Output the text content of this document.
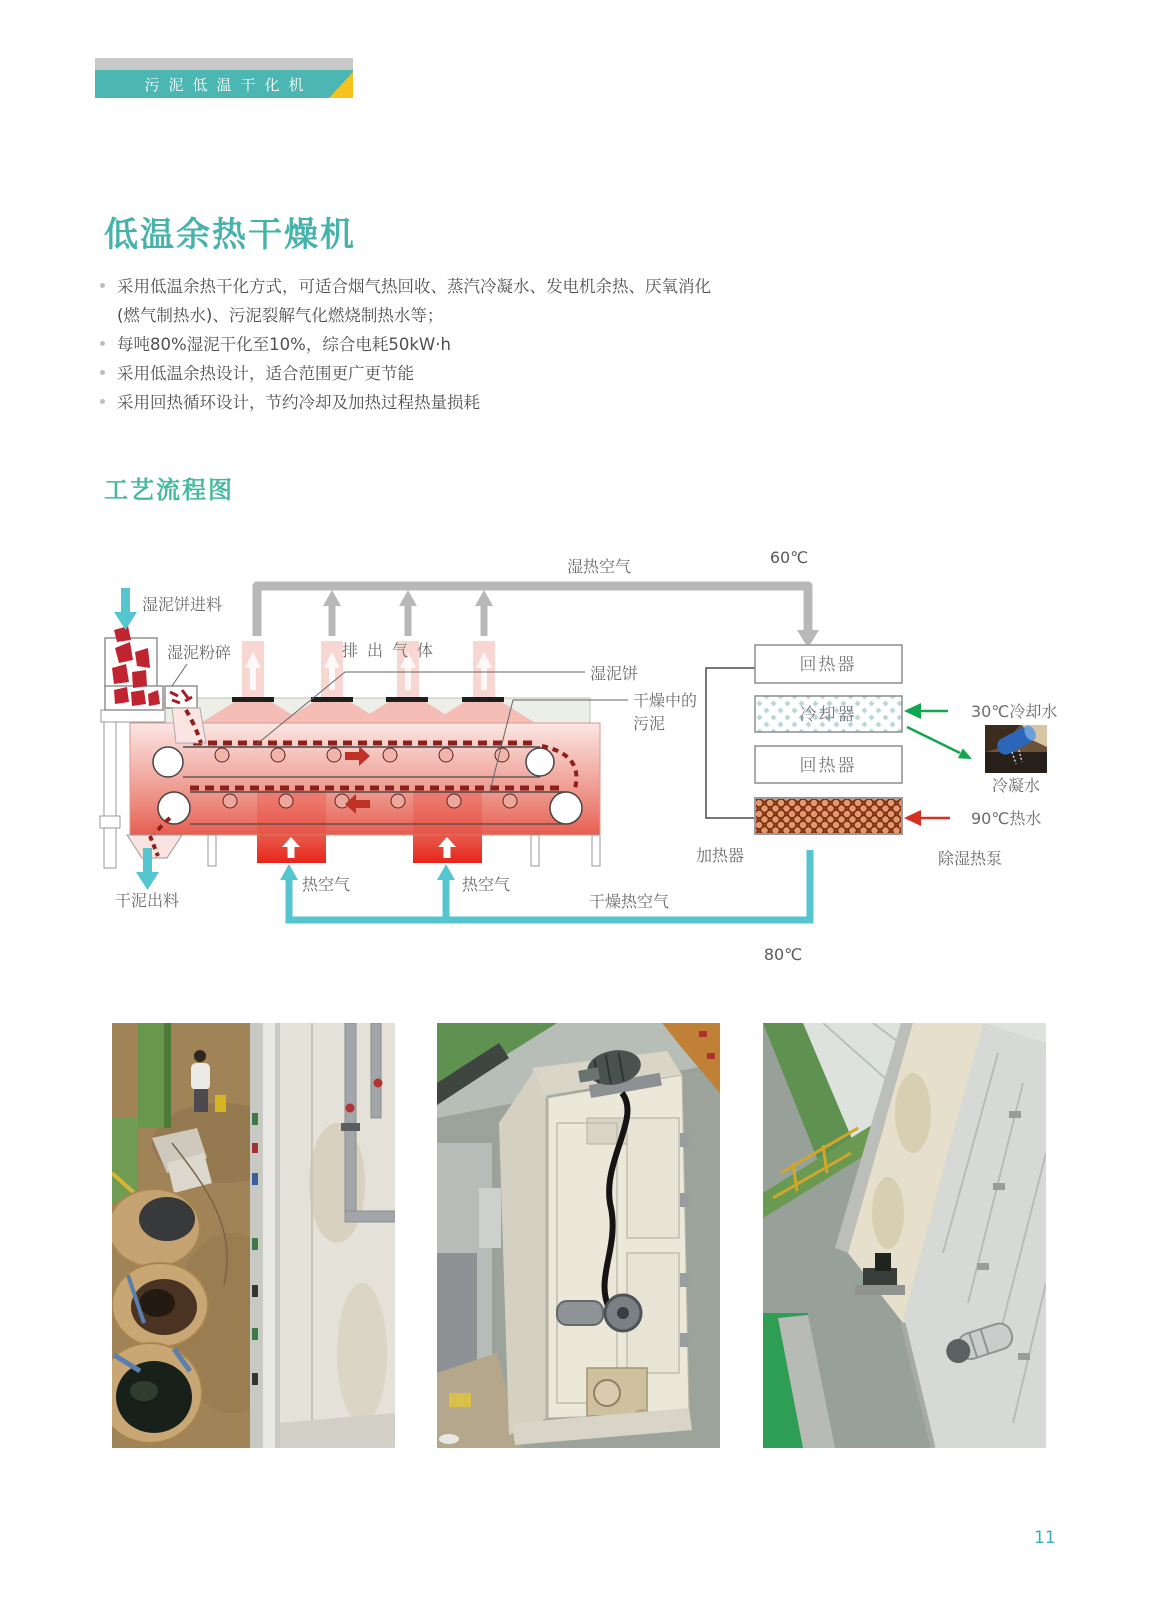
污泥低温干化机
低温余热干燥机
采用低温余热干化方式，可适合烟气热回收、蒸汽冷凝水、发电机余热、厌氧消化
(燃气制热水)、污泥裂解气化燃烧制热水等；
每吨80%湿泥干化至10%，综合电耗50kW·h
采用低温余热设计，适合范围更广更节能
采用回热循环设计，节约冷却及加热过程热量损耗
工艺流程图
湿热空气	60℃
湿泥饼进料
湿泥粉碎	排出气体
湿泥饼
干燥中的
污泥
回热器
冷却器
回热器
加热器
30℃冷却水
冷凝水
90℃热水
除湿热泵
热空气	热空气
干燥热空气
80℃
干泥出料
11
